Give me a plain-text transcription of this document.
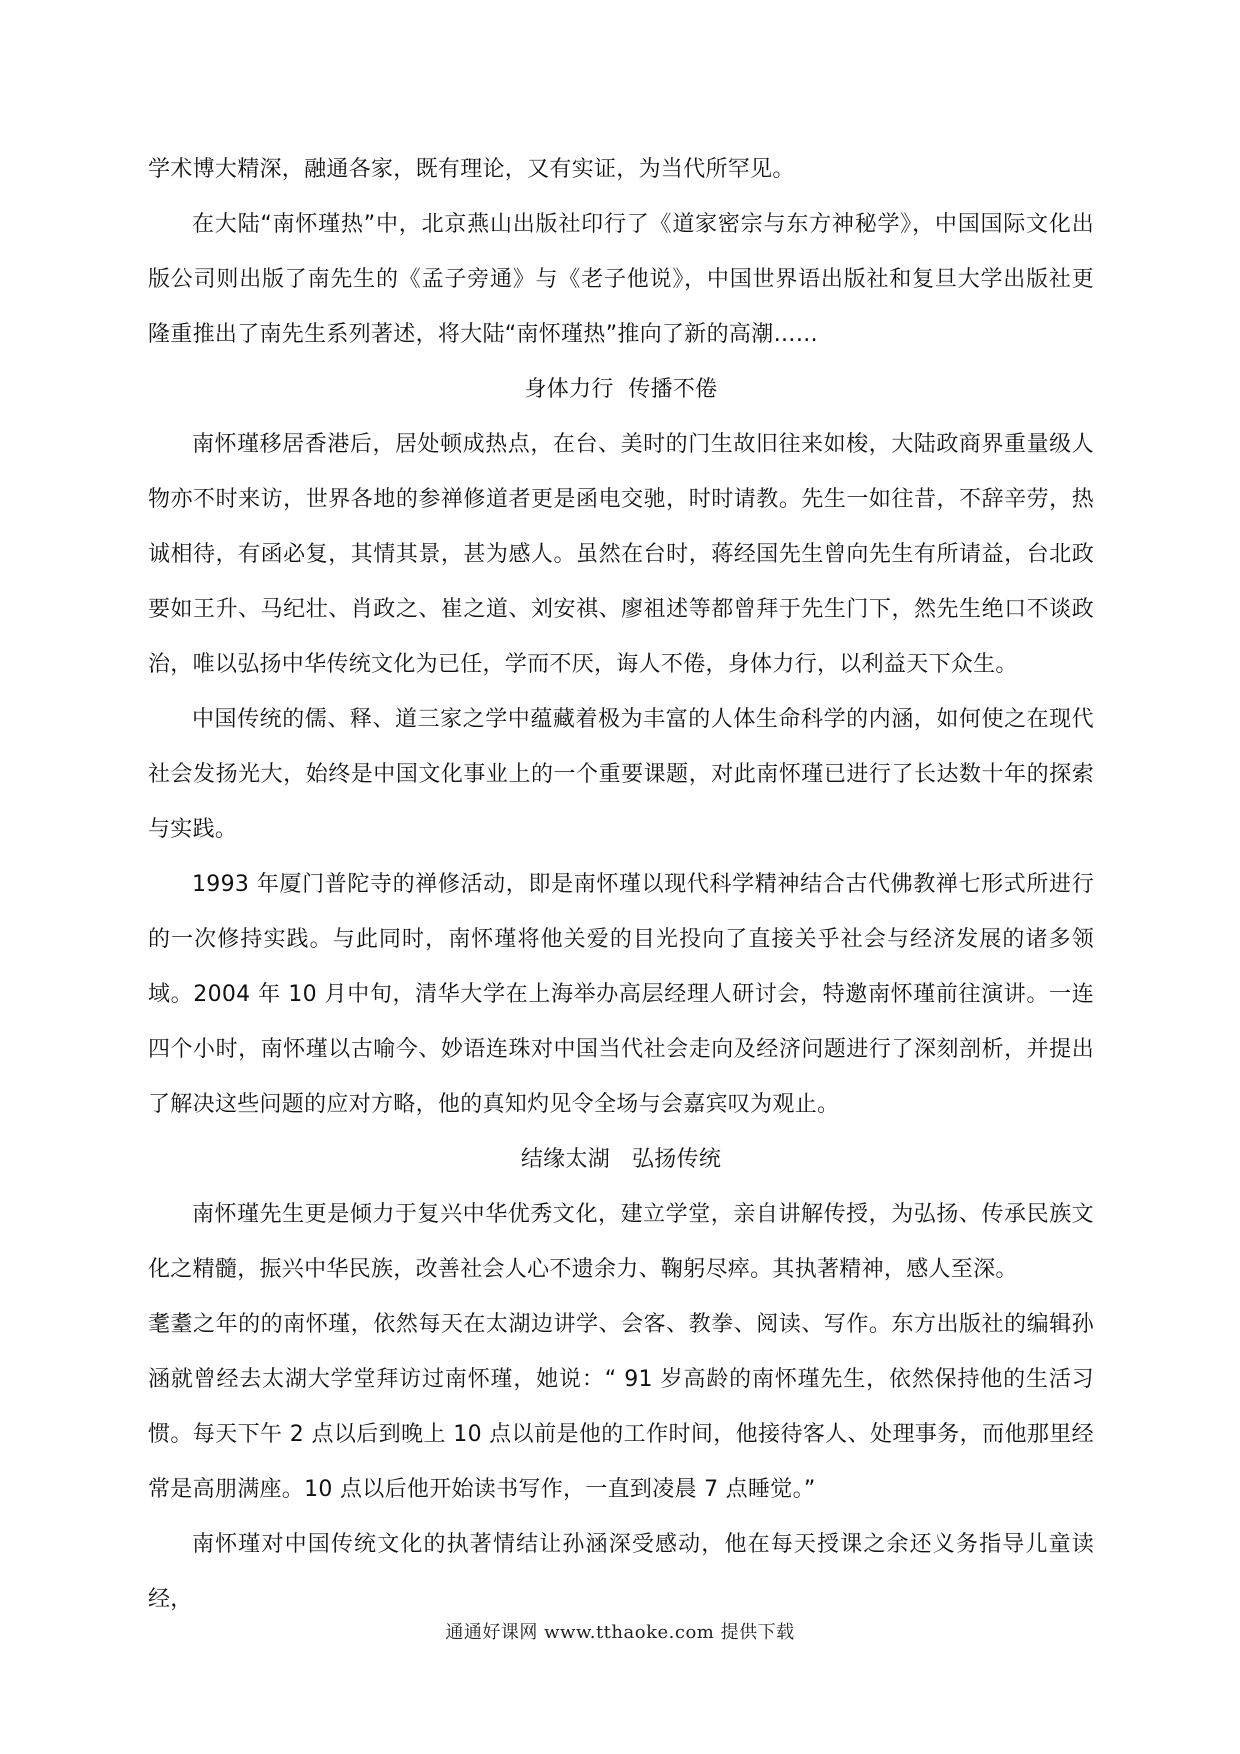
学术博大精深，融通各家，既有理论，又有实证，为当代所罕见。

在大陆“南怀瑾热”中，北京燕山出版社印行了《道家密宗与东方神秘学》，中国国际文化出版公司则出版了南先生的《孟子旁通》与《老子他说》，中国世界语出版社和复旦大学出版社更隆重推出了南先生系列著述，将大陆“南怀瑾热”推向了新的高潮……

身体力行  传播不倦

南怀瑾移居香港后，居处顿成热点，在台、美时的门生故旧往来如梭，大陆政商界重量级人物亦不时来访，世界各地的参禅修道者更是函电交驰，时时请教。先生一如往昔，不辞辛劳，热诚相待，有函必复，其情其景，甚为感人。虽然在台时，蒋经国先生曾向先生有所请益，台北政要如王升、马纪壮、肖政之、崔之道、刘安祺、廖祖述等都曾拜于先生门下，然先生绝口不谈政治，唯以弘扬中华传统文化为已任，学而不厌，诲人不倦，身体力行，以利益天下众生。

中国传统的儒、释、道三家之学中蕴藏着极为丰富的人体生命科学的内涵，如何使之在现代社会发扬光大，始终是中国文化事业上的一个重要课题，对此南怀瑾已进行了长达数十年的探索与实践。

1993 年厦门普陀寺的禅修活动，即是南怀瑾以现代科学精神结合古代佛教禅七形式所进行的一次修持实践。与此同时，南怀瑾将他关爱的目光投向了直接关乎社会与经济发展的诸多领域。2004 年 10 月中旬，清华大学在上海举办高层经理人研讨会，特邀南怀瑾前往演讲。一连四个小时，南怀瑾以古喻今、妙语连珠对中国当代社会走向及经济问题进行了深刻剖析，并提出了解决这些问题的应对方略，他的真知灼见令全场与会嘉宾叹为观止。

结缘太湖   弘扬传统

南怀瑾先生更是倾力于复兴中华优秀文化，建立学堂，亲自讲解传授，为弘扬、传承民族文化之精髓，振兴中华民族，改善社会人心不遗余力、鞠躬尽瘁。其执著精神，感人至深。

耄耋之年的的南怀瑾，依然每天在太湖边讲学、会客、教拳、阅读、写作。东方出版社的编辑孙涵就曾经去太湖大学堂拜访过南怀瑾，她说：“ 91 岁高龄的南怀瑾先生，依然保持他的生活习惯。每天下午 2 点以后到晚上 10 点以前是他的工作时间，他接待客人、处理事务，而他那里经常是高朋满座。10 点以后他开始读书写作，一直到凌晨 7 点睡觉。”

南怀瑾对中国传统文化的执著情结让孙涵深受感动，他在每天授课之余还义务指导儿童读经，

通通好课网 www.tthaoke.com 提供下载
